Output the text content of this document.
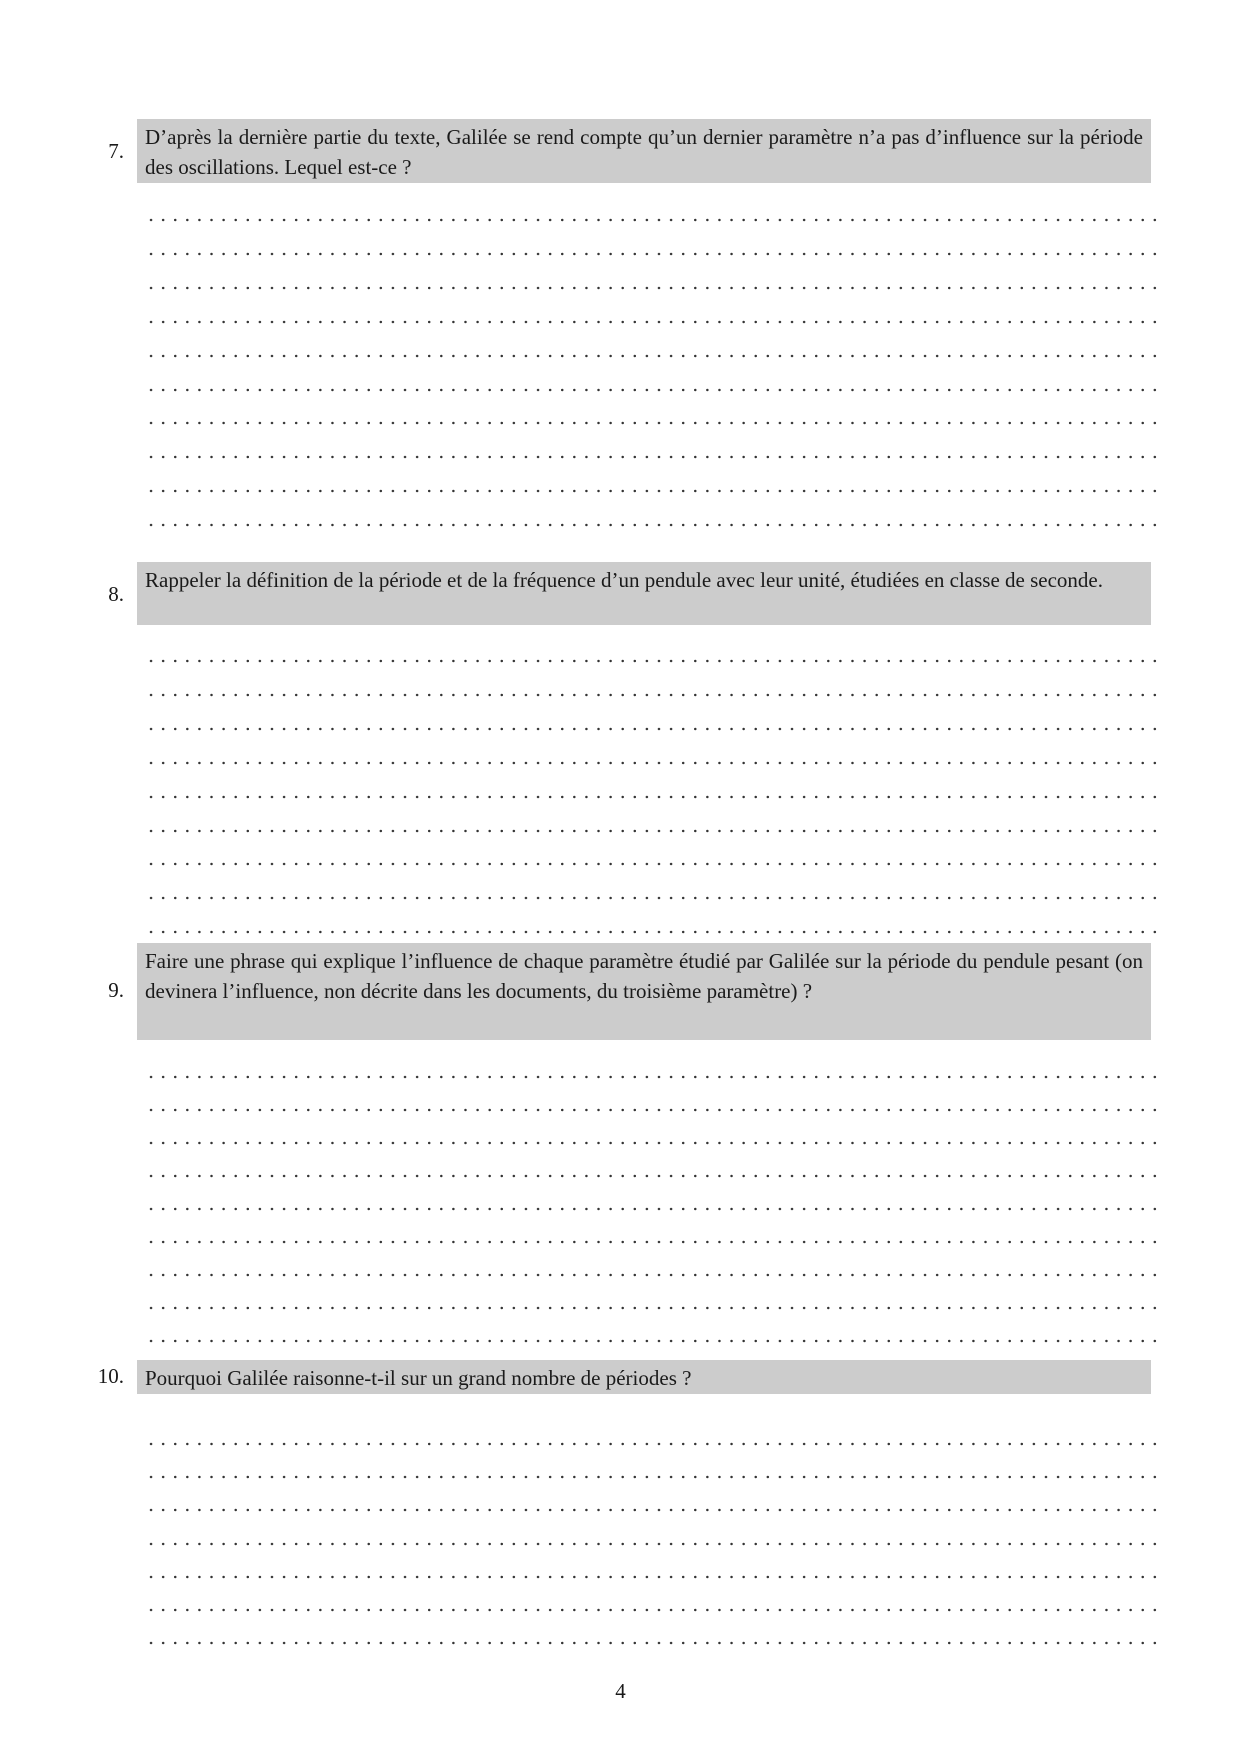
7.
D’après la dernière partie du texte, Galilée se rend compte qu’un dernier paramètre n’a pas d’influence sur la période des oscillations. Lequel est-ce ?
8.
Rappeler la définition de la période et de la fréquence d’un pendule avec leur unité, étudiées en classe de seconde.
9.
Faire une phrase qui explique l’influence de chaque paramètre étudié par Galilée sur la période du pendule pesant (on devinera l’influence, non décrite dans les documents, du troisième paramètre) ?
10.	Pourquoi Galilée raisonne-t-il sur un grand nombre de périodes ?
4
